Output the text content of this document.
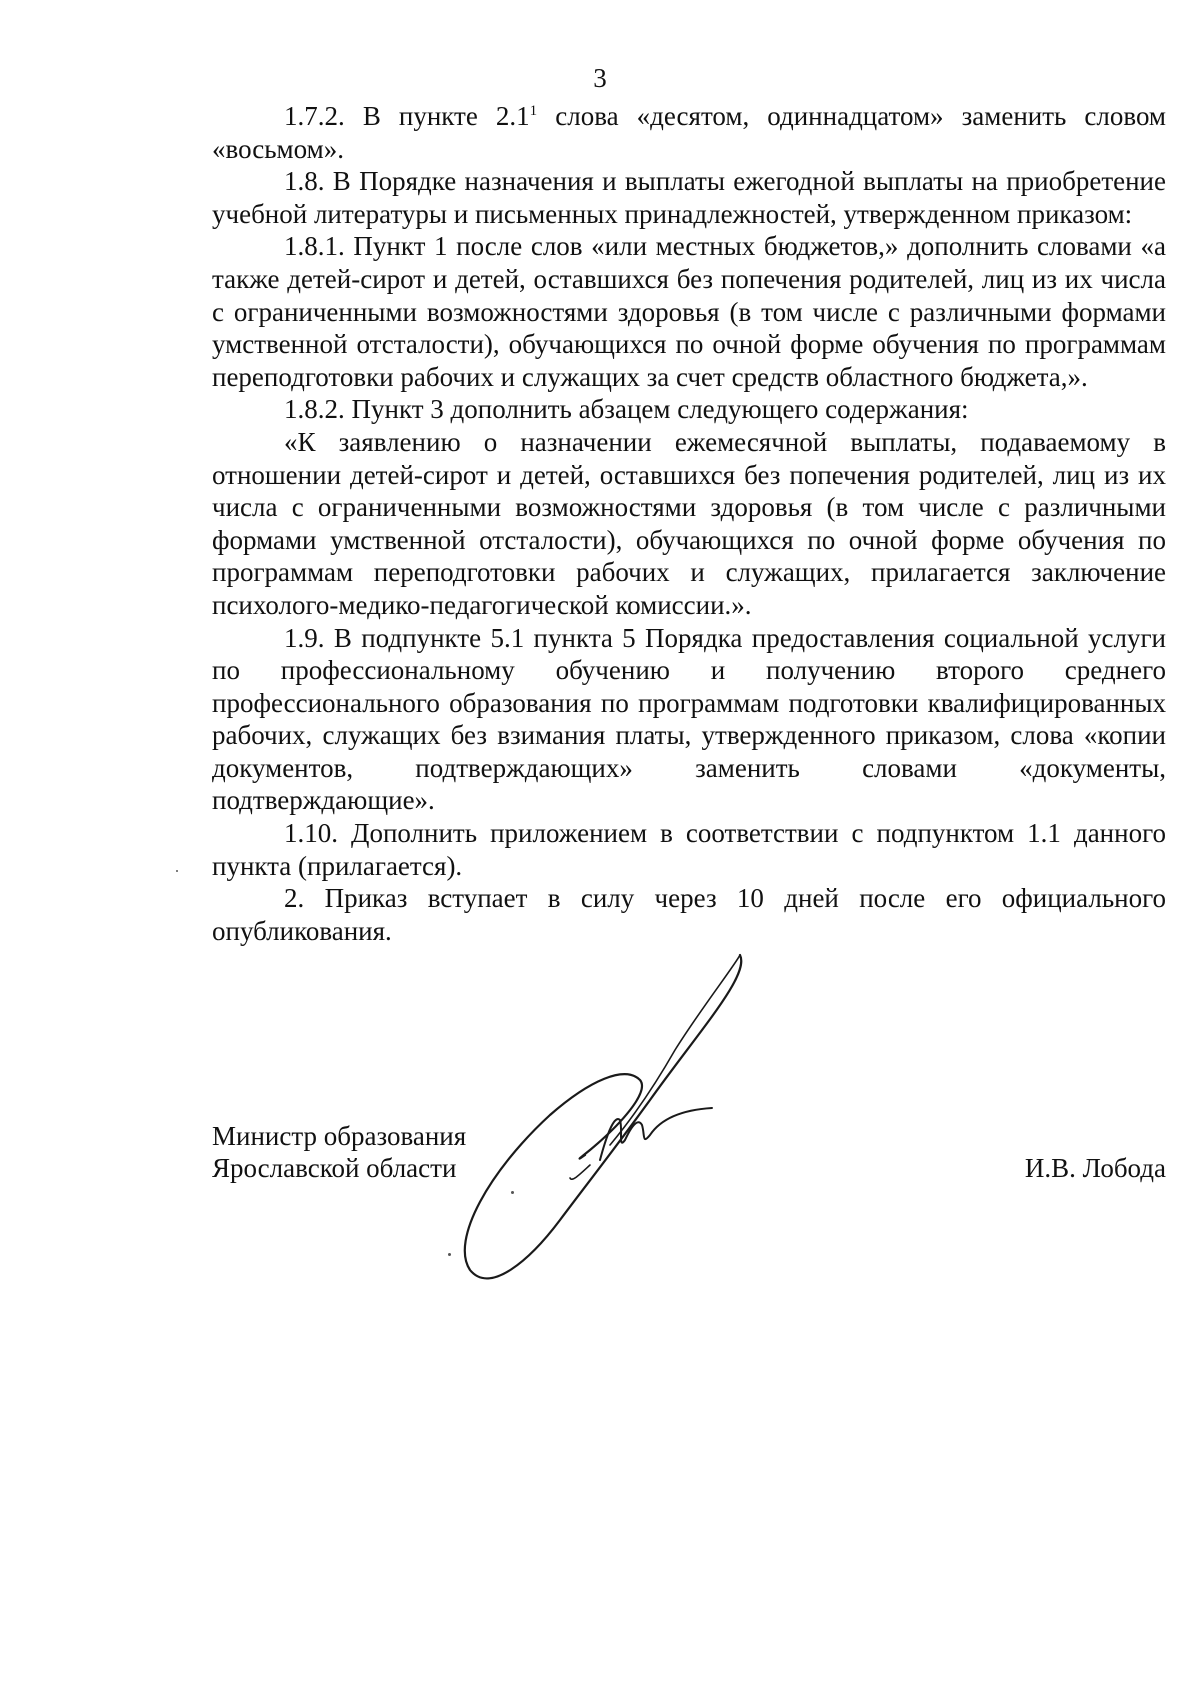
3

1.7.2. В пункте $2.1^1$ слова «десятом, одиннадцатом» заменить словом «восьмом».

1.8. В Порядке назначения и выплаты ежегодной выплаты на приобретение учебной литературы и письменных принадлежностей, утвержденном приказом:

1.8.1. Пункт 1 после слов «или местных бюджетов,» дополнить словами «а также детей-сирот и детей, оставшихся без попечения родителей, лиц из их числа с ограниченными возможностями здоровья (в том числе с различными формами умственной отсталости), обучающихся по очной форме обучения по программам переподготовки рабочих и служащих за счет средств областного бюджета,».

1.8.2. Пункт 3 дополнить абзацем следующего содержания:

«К заявлению о назначении ежемесячной выплаты, подаваемому в отношении детей-сирот и детей, оставшихся без попечения родителей, лиц из их числа с ограниченными возможностями здоровья (в том числе с различными формами умственной отсталости), обучающихся по очной форме обучения по программам переподготовки рабочих и служащих, прилагается заключение психолого-медико-педагогической комиссии.».

1.9. В подпункте 5.1 пункта 5 Порядка предоставления социальной услуги по профессиональному обучению и получению второго среднего профессионального образования по программам подготовки квалифицированных рабочих, служащих без взимания платы, утвержденного приказом, слова «копии документов, подтверждающих» заменить словами «документы, подтверждающие».

1.10. Дополнить приложением в соответствии с подпунктом 1.1 данного пункта (прилагается).

2. Приказ вступает в силу через 10 дней после его официального опубликования.

Министр образования
Ярославской области	И.В. Лобода
